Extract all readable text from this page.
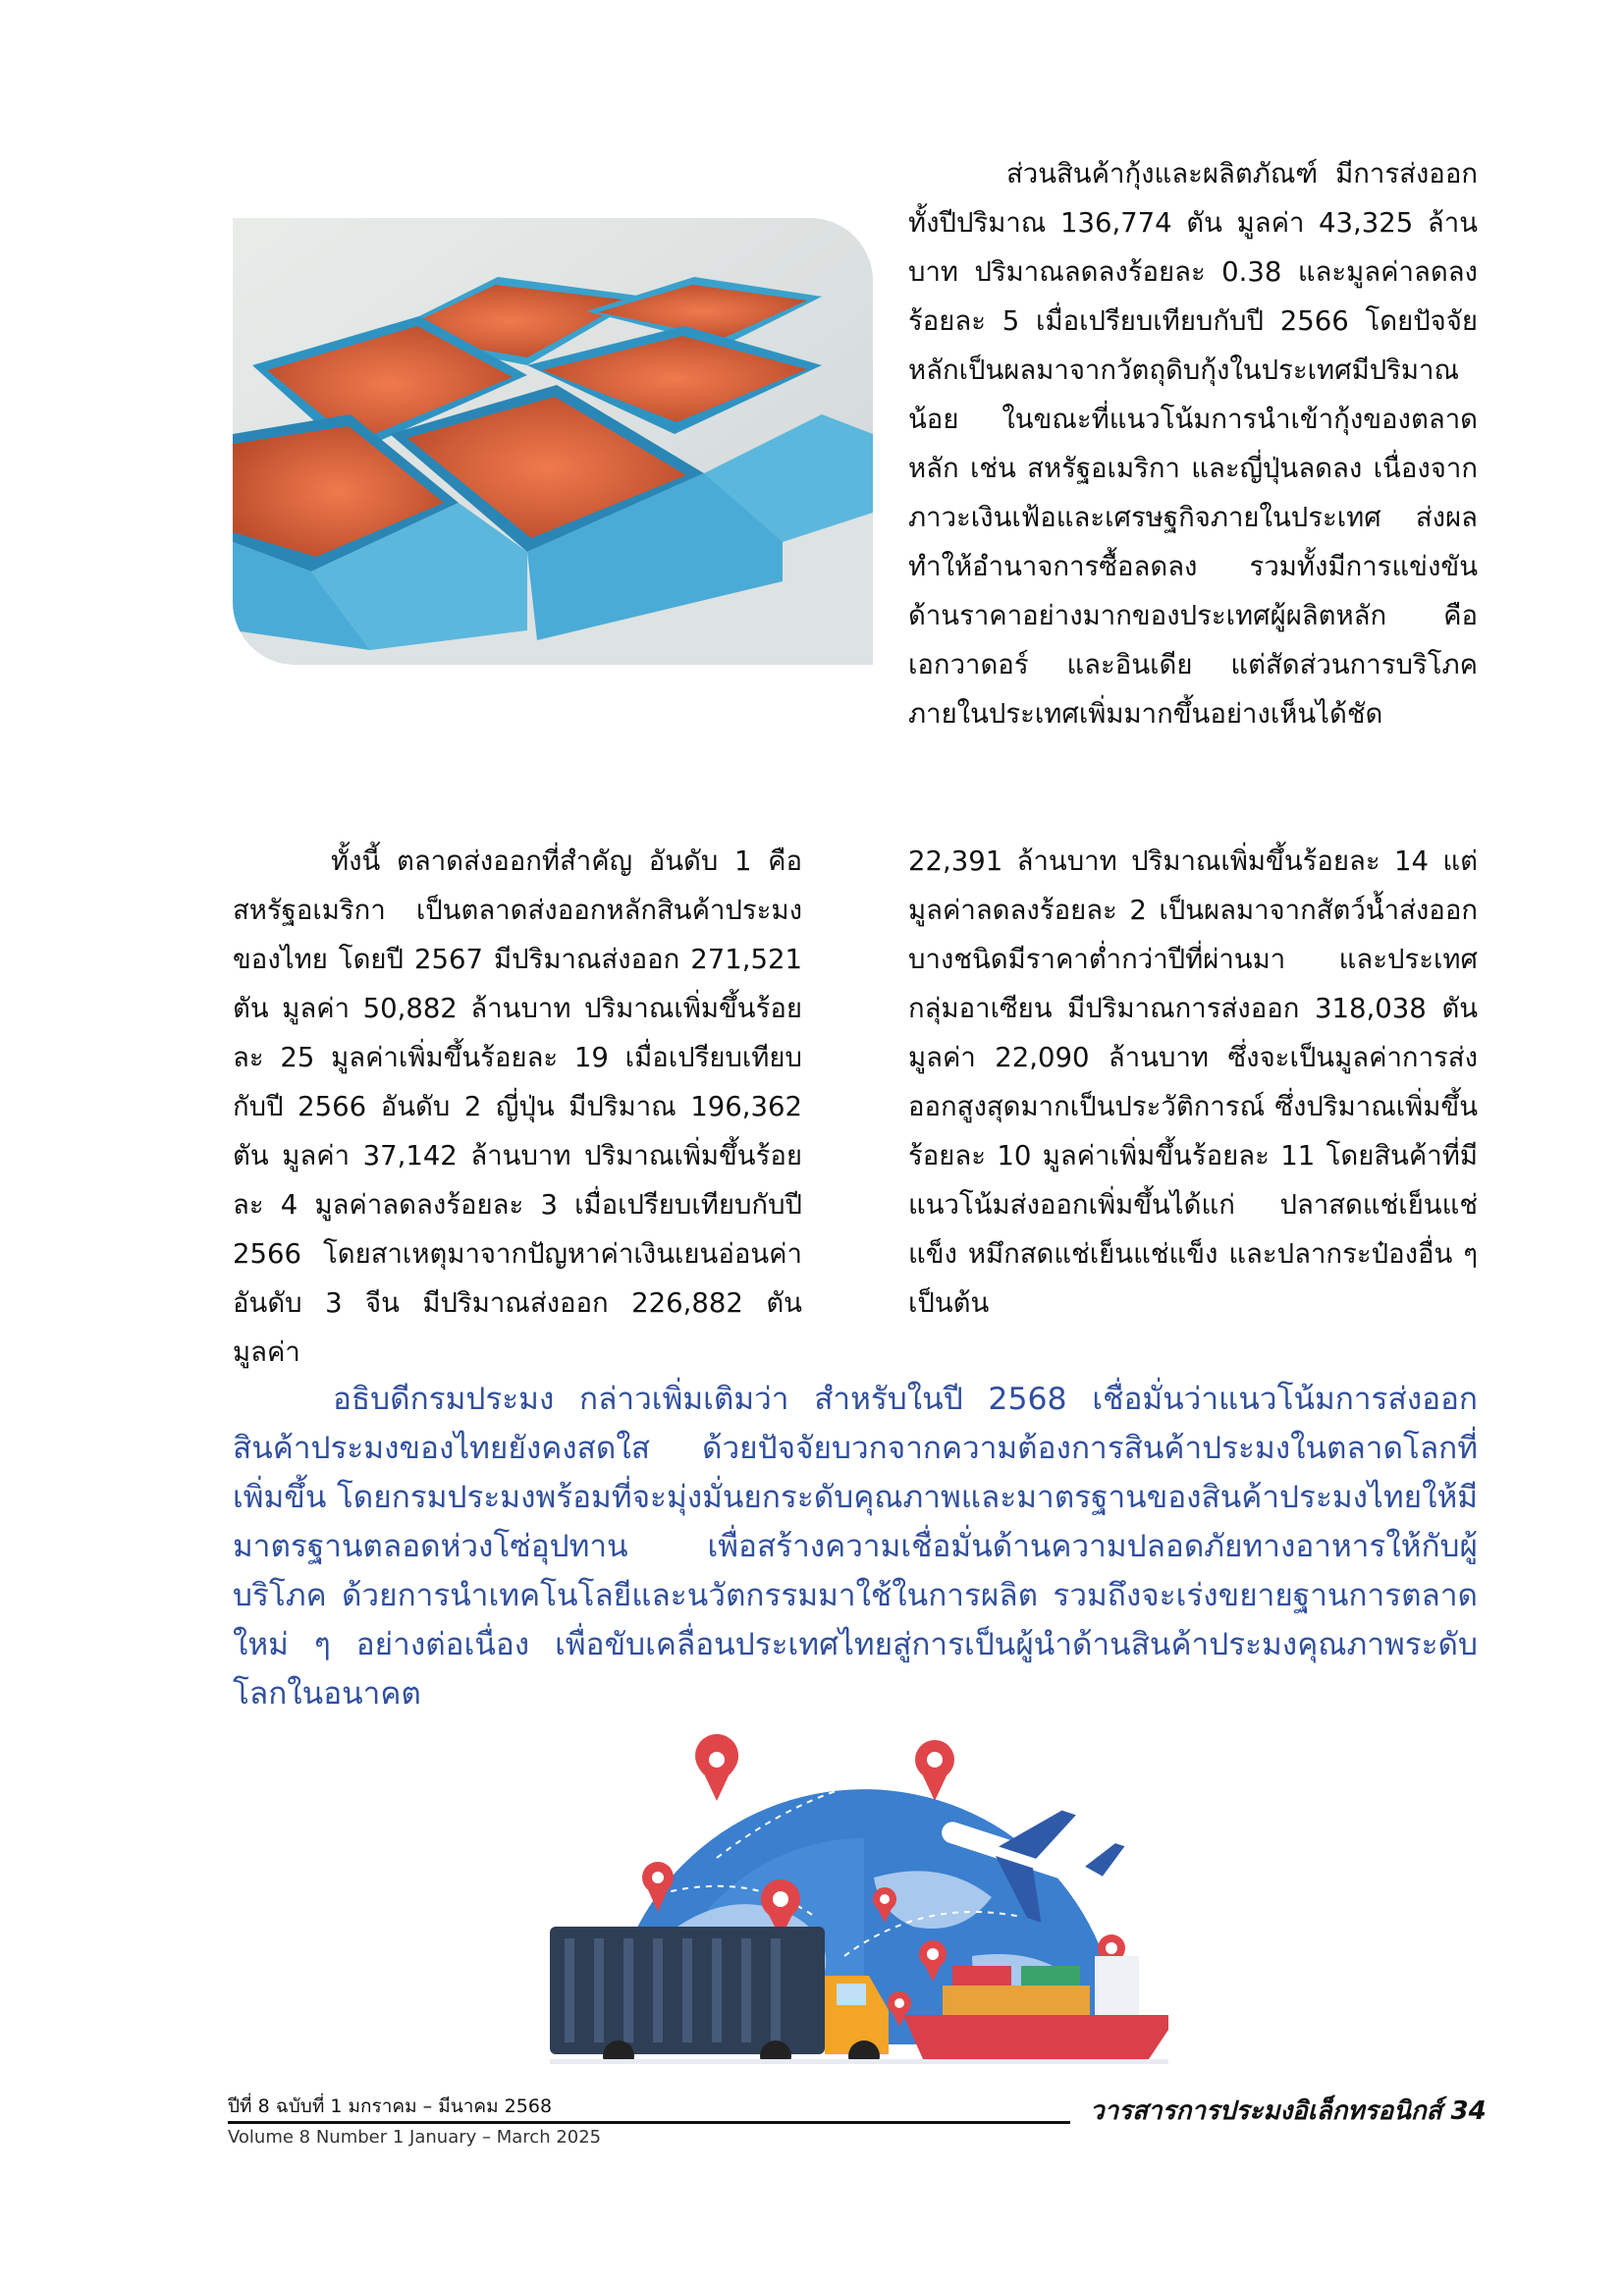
ส่วนสินค้ากุ้งและผลิตภัณฑ์ มีการส่งออกทั้งปีปริมาณ 136,774 ตัน มูลค่า 43,325 ล้านบาท ปริมาณลดลงร้อยละ 0.38 และมูลค่าลดลงร้อยละ 5 เมื่อเปรียบเทียบกับปี 2566 โดยปัจจัยหลักเป็นผลมาจากวัตถุดิบกุ้งในประเทศมีปริมาณน้อย ในขณะที่แนวโน้มการนำเข้ากุ้งของตลาดหลัก เช่น สหรัฐอเมริกา และญี่ปุ่นลดลง เนื่องจากภาวะเงินเฟ้อและเศรษฐกิจภายในประเทศ ส่งผลทำให้อำนาจการซื้อลดลง รวมทั้งมีการแข่งขันด้านราคาอย่างมากของประเทศผู้ผลิตหลัก คือ เอกวาดอร์ และอินเดีย แต่สัดส่วนการบริโภคภายในประเทศเพิ่มมากขึ้นอย่างเห็นได้ชัด

ทั้งนี้ ตลาดส่งออกที่สำคัญ อันดับ 1 คือ สหรัฐอเมริกา เป็นตลาดส่งออกหลักสินค้าประมงของไทย โดยปี 2567 มีปริมาณส่งออก 271,521 ตัน มูลค่า 50,882 ล้านบาท ปริมาณเพิ่มขึ้นร้อยละ 25 มูลค่าเพิ่มขึ้นร้อยละ 19 เมื่อเปรียบเทียบกับปี 2566 อันดับ 2 ญี่ปุ่น มีปริมาณ 196,362 ตัน มูลค่า 37,142 ล้านบาท ปริมาณเพิ่มขึ้นร้อยละ 4 มูลค่าลดลงร้อยละ 3 เมื่อเปรียบเทียบกับปี 2566 โดยสาเหตุมาจากปัญหาค่าเงินเยนอ่อนค่า อันดับ 3 จีน มีปริมาณส่งออก 226,882 ตัน มูลค่า

22,391 ล้านบาท ปริมาณเพิ่มขึ้นร้อยละ 14 แต่มูลค่าลดลงร้อยละ 2 เป็นผลมาจากสัตว์น้ำส่งออกบางชนิดมีราคาต่ำกว่าปีที่ผ่านมา และประเทศกลุ่มอาเซียน มีปริมาณการส่งออก 318,038 ตัน มูลค่า 22,090 ล้านบาท ซึ่งจะเป็นมูลค่าการส่งออกสูงสุดมากเป็นประวัติการณ์ ซึ่งปริมาณเพิ่มขึ้น ร้อยละ 10 มูลค่าเพิ่มขึ้นร้อยละ 11 โดยสินค้าที่มีแนวโน้มส่งออกเพิ่มขึ้นได้แก่ ปลาสดแช่เย็นแช่แข็ง หมึกสดแช่เย็นแช่แข็ง และปลากระป๋องอื่น ๆ เป็นต้น

อธิบดีกรมประมง กล่าวเพิ่มเติมว่า สำหรับในปี 2568 เชื่อมั่นว่าแนวโน้มการส่งออกสินค้าประมงของไทยยังคงสดใส ด้วยปัจจัยบวกจากความต้องการสินค้าประมงในตลาดโลกที่เพิ่มขึ้น โดยกรมประมงพร้อมที่จะมุ่งมั่นยกระดับคุณภาพและมาตรฐานของสินค้าประมงไทยให้มีมาตรฐานตลอดห่วงโซ่อุปทาน เพื่อสร้างความเชื่อมั่นด้านความปลอดภัยทางอาหารให้กับผู้บริโภค ด้วยการนำเทคโนโลยีและนวัตกรรมมาใช้ในการผลิต รวมถึงจะเร่งขยายฐานการตลาดใหม่ ๆ อย่างต่อเนื่อง เพื่อขับเคลื่อนประเทศไทยสู่การเป็นผู้นำด้านสินค้าประมงคุณภาพระดับโลกในอนาคต

ปีที่ 8 ฉบับที่ 1 มกราคม – มีนาคม 2568
Volume 8 Number 1 January – March 2025
วารสารการประมงอิเล็กทรอนิกส์ 34
